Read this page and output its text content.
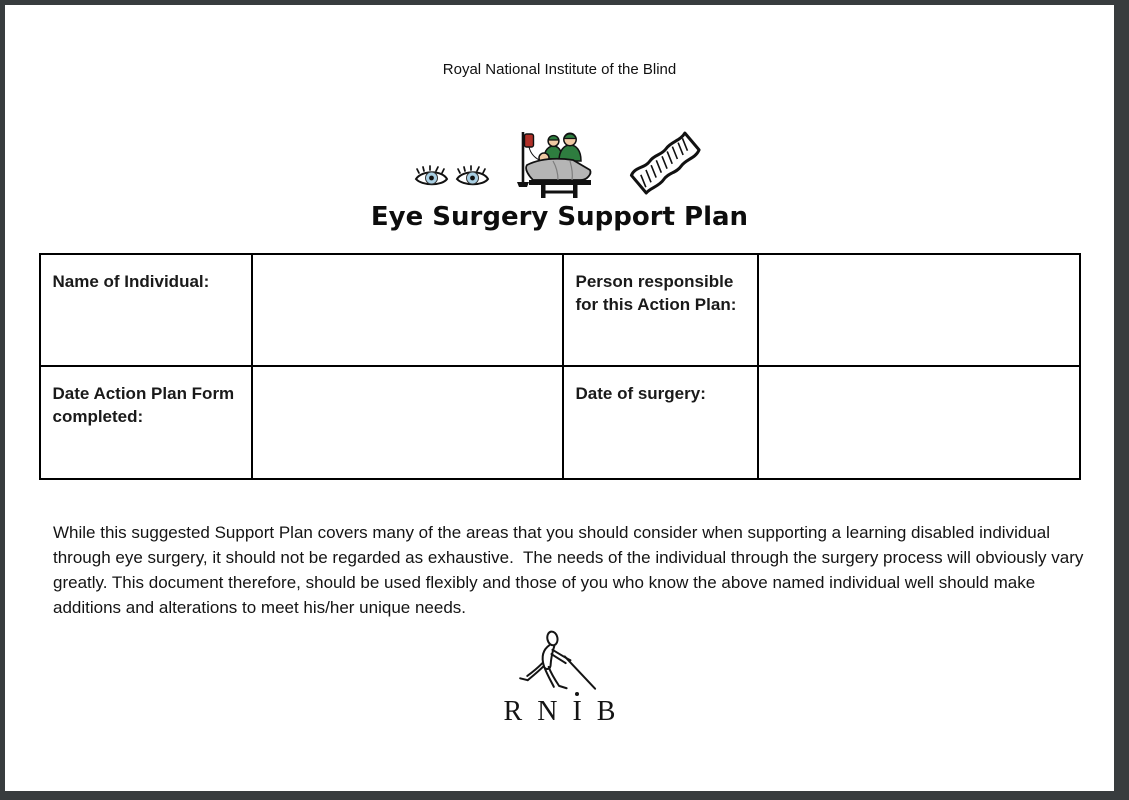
Royal National Institute of the Blind
Eye Surgery Support Plan
Name of Individual:		Person responsible for this Action Plan:	
Date Action Plan Form completed:		Date of surgery:	

While this suggested Support Plan covers many of the areas that you should consider when supporting a learning disabled individual through eye surgery, it should not be regarded as exhaustive.  The needs of the individual through the surgery process will obviously vary greatly. This document therefore, should be used flexibly and those of you who know the above named individual well should make additions and alterations to meet his/her unique needs.

R N I B
